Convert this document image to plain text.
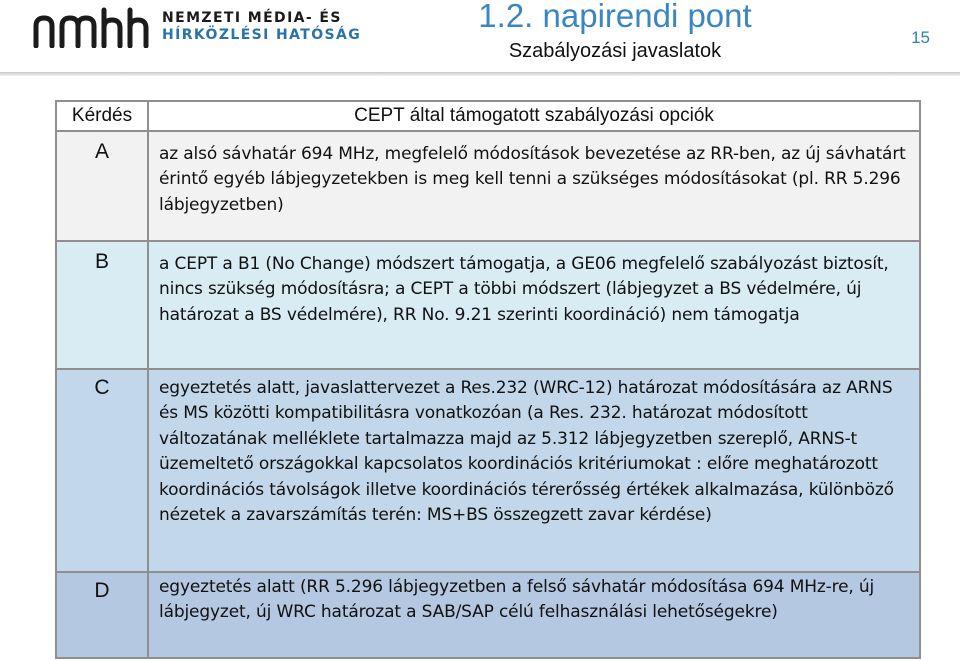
NEMZETI MÉDIA- ÉS
HÍRKÖZLÉSI HATÓSÁG
1.2. napirendi pont
Szabályozási javaslatok
15
Kérdés	CEPT által támogatott szabályozási opciók
A	az alsó sávhatár 694 MHz, megfelelő módosítások bevezetése az RR-ben, az új sávhatárt érintő egyéb lábjegyzetekben is meg kell tenni a szükséges módosításokat (pl. RR 5.296 lábjegyzetben)
B	a CEPT a B1 (No Change) módszert támogatja, a GE06 megfelelő szabályozást biztosít, nincs szükség módosításra; a CEPT a többi módszert (lábjegyzet a BS védelmére, új határozat a BS védelmére), RR No. 9.21 szerinti koordináció) nem támogatja
C	egyeztetés alatt, javaslattervezet a Res.232 (WRC-12) határozat módosítására az ARNS és MS közötti kompatibilitásra vonatkozóan (a Res. 232. határozat módosított változatának melléklete tartalmazza majd az 5.312 lábjegyzetben szereplő, ARNS-t üzemeltető országokkal kapcsolatos koordinációs kritériumokat : előre meghatározott koordinációs távolságok illetve koordinációs térerősség értékek alkalmazása, különböző nézetek a zavarszámítás terén: MS+BS összegzett zavar kérdése)
D	egyeztetés alatt (RR 5.296 lábjegyzetben a felső sávhatár módosítása 694 MHz-re, új lábjegyzet, új WRC határozat a SAB/SAP célú felhasználási lehetőségekre)
